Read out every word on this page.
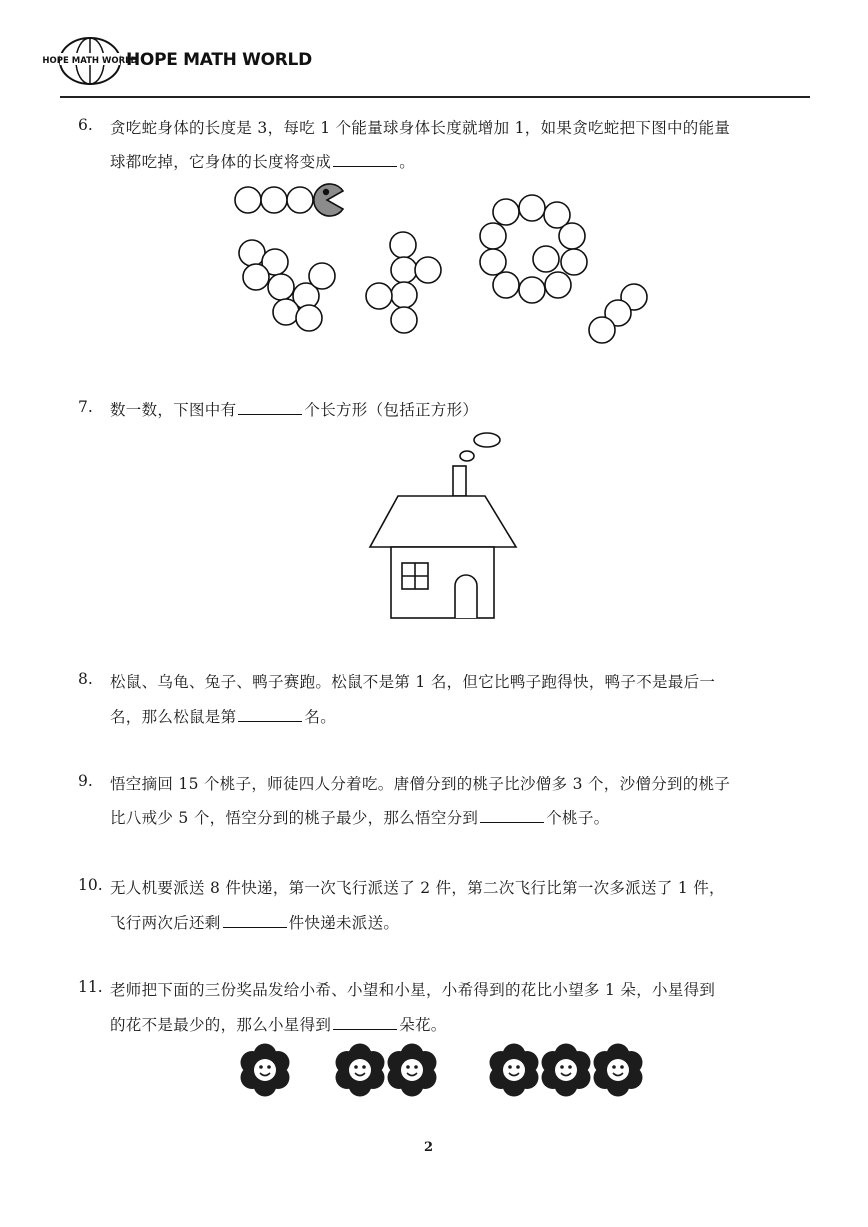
HOPE MATH WORLD
HOPE MATH WORLD
6. 贪吃蛇身体的长度是 3，每吃 1 个能量球身体长度就增加 1，如果贪吃蛇把下图中的能量
球都吃掉，它身体的长度将变成	。
7. 数一数，下图中有	个长方形（包括正方形）
8. 松鼠、乌龟、兔子、鸭子赛跑。松鼠不是第 1 名，但它比鸭子跑得快，鸭子不是最后一
名，那么松鼠是第	名。
9. 悟空摘回 15 个桃子，师徒四人分着吃。唐僧分到的桃子比沙僧多 3 个，沙僧分到的桃子
比八戒少 5 个，悟空分到的桃子最少，那么悟空分到	个桃子。
10. 无人机要派送 8 件快递，第一次飞行派送了 2 件，第二次飞行比第一次多派送了 1 件，
飞行两次后还剩	件快递未派送。
11. 老师把下面的三份奖品发给小希、小望和小星，小希得到的花比小望多 1 朵，小星得到
的花不是最少的，那么小星得到	朵花。
2
